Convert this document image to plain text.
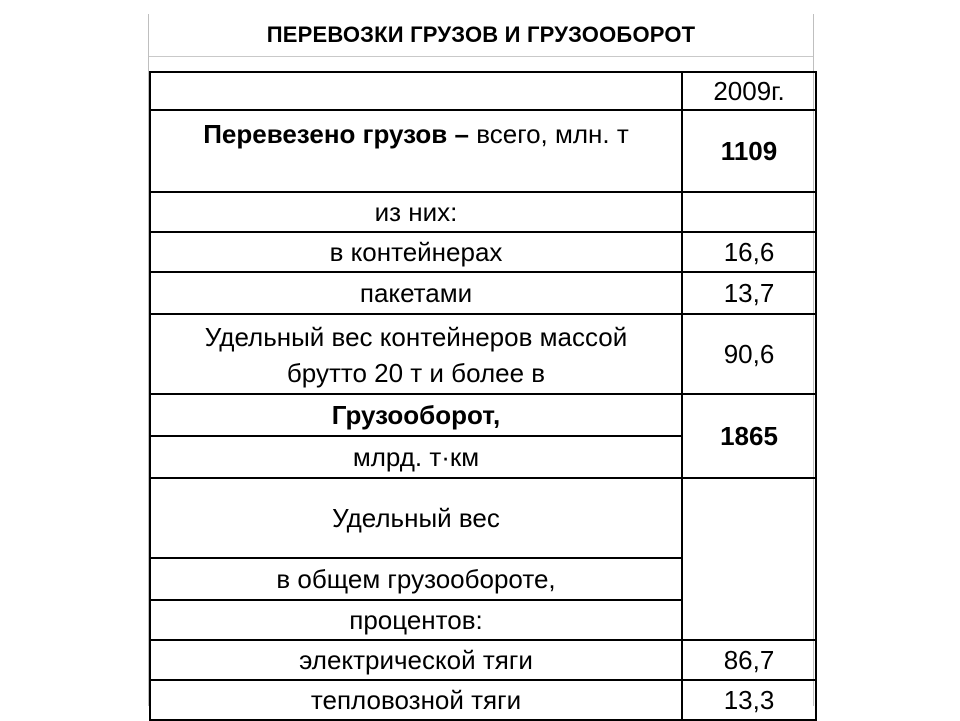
ПЕРЕВОЗКИ ГРУЗОВ И ГРУЗООБОРОТ
	2009г.

Перевезено грузов – всего, млн. т	1109
из них:	
в контейнерах	16,6
пакетами	13,7

Удельный вес контейнеров массой брутто 20 т и более в	90,6
Грузооборот,	1865
млрд. т·км	
Удельный вес	
в общем грузообороте,	
процентов:	
электрической тяги	86,7
тепловозной тяги	13,3
